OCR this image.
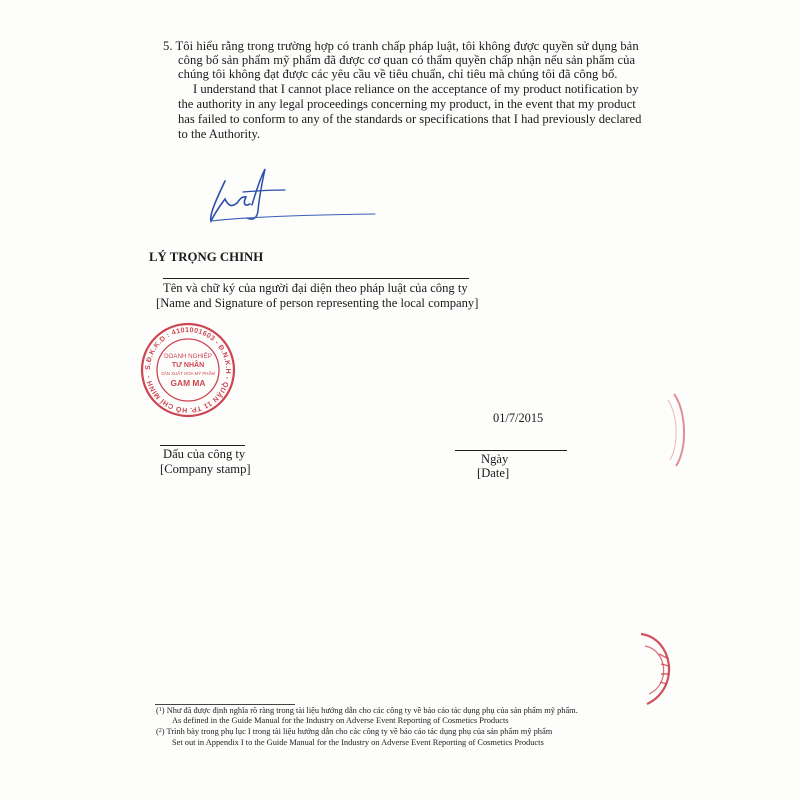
5. Tôi hiểu rằng trong trường hợp có tranh chấp pháp luật, tôi không được quyền sử dụng bản
công bố sản phẩm mỹ phẩm đã được cơ quan có thẩm quyền chấp nhận nếu sản phẩm của
chúng tôi không đạt được các yêu cầu về tiêu chuẩn, chỉ tiêu mà chúng tôi đã công bố.
I understand that I cannot place reliance on the acceptance of my product notification by
the authority in any legal proceedings concerning my product, in the event that my product
has failed to conform to any of the standards or specifications that I had previously declared
to the Authority.
LÝ TRỌNG CHINH
Tên và chữ ký của người đại diện theo pháp luật của công ty
[Name and Signature of person representing the local company]
S.Đ.K.K.D : 4101001603 - Đ.N.K.H - QUẬN 11 TP. HỒ CHÍ MINH -
DOANH NGHIỆP
TƯ NHÂN
SẢN XUẤT HÓA MỸ PHẨM
GAM MA
01/7/2015
Dấu của công ty
[Company stamp]
Ngày
[Date]
($^1$) Như đã được định nghĩa rõ ràng trong tài liệu hướng dẫn cho các công ty về báo cáo tác dụng phụ của sản phẩm mỹ phẩm.
As defined in the Guide Manual for the Industry on Adverse Event Reporting of Cosmetics Products
($^2$) Trình bày trong phụ lục I trong tài liệu hướng dẫn cho các công ty về báo cáo tác dụng phụ của sản phẩm mỹ phẩm
Set out in Appendix I to the Guide Manual for the Industry on Adverse Event Reporting of Cosmetics Products
